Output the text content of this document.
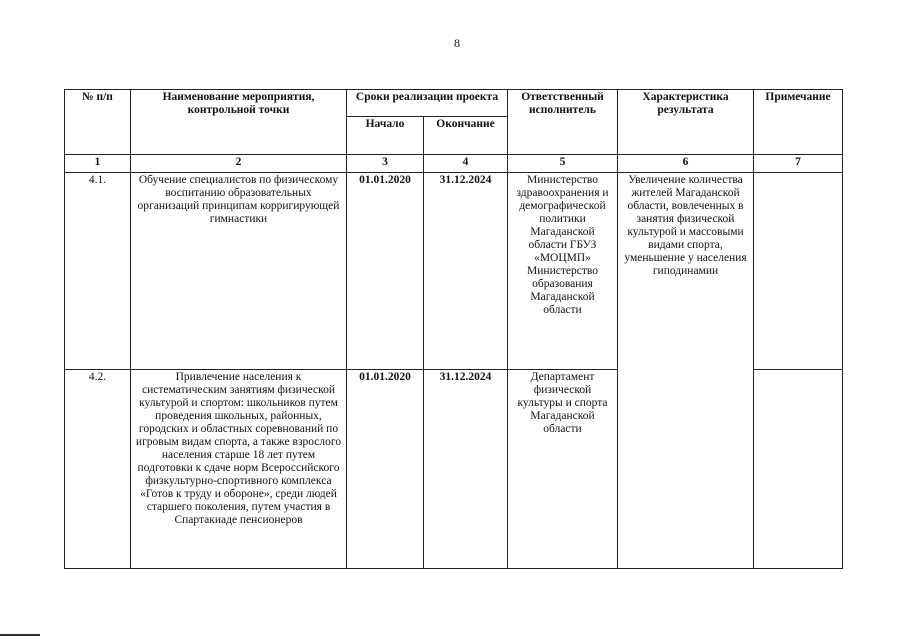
8
№ п/п	Наименование мероприятия, контрольной точки	Сроки реализации проекта		Ответственный исполнитель	Характеристика результата	Примечание
		Начало	Окончание			
1	2	3	4	5	6	7
4.1.	Обучение специалистов по физическому воспитанию образовательных организаций принципам корригирующей гимнастики	01.01.2020	31.12.2024	Министерство здравоохранения и демографической политики Магаданской области ГБУЗ «МОЦМП» Министерство образования Магаданской области	Увеличение количества жителей Магаданской области, вовлеченных в занятия физической культурой и массовыми видами спорта, уменьшение у населения гиподинамии	
4.2.	Привлечение населения к систематическим занятиям физической культурой и спортом: школьников путем проведения школьных, районных, городских и областных соревнований по игровым видам спорта, а также взрослого населения старше 18 лет путем подготовки к сдаче норм Всероссийского физкультурно-спортивного комплекса «Готов к труду и обороне», среди людей старшего поколения, путем участия в Спартакиаде пенсионеров	01.01.2020	31.12.2024	Департамент физической культуры и спорта Магаданской области		
